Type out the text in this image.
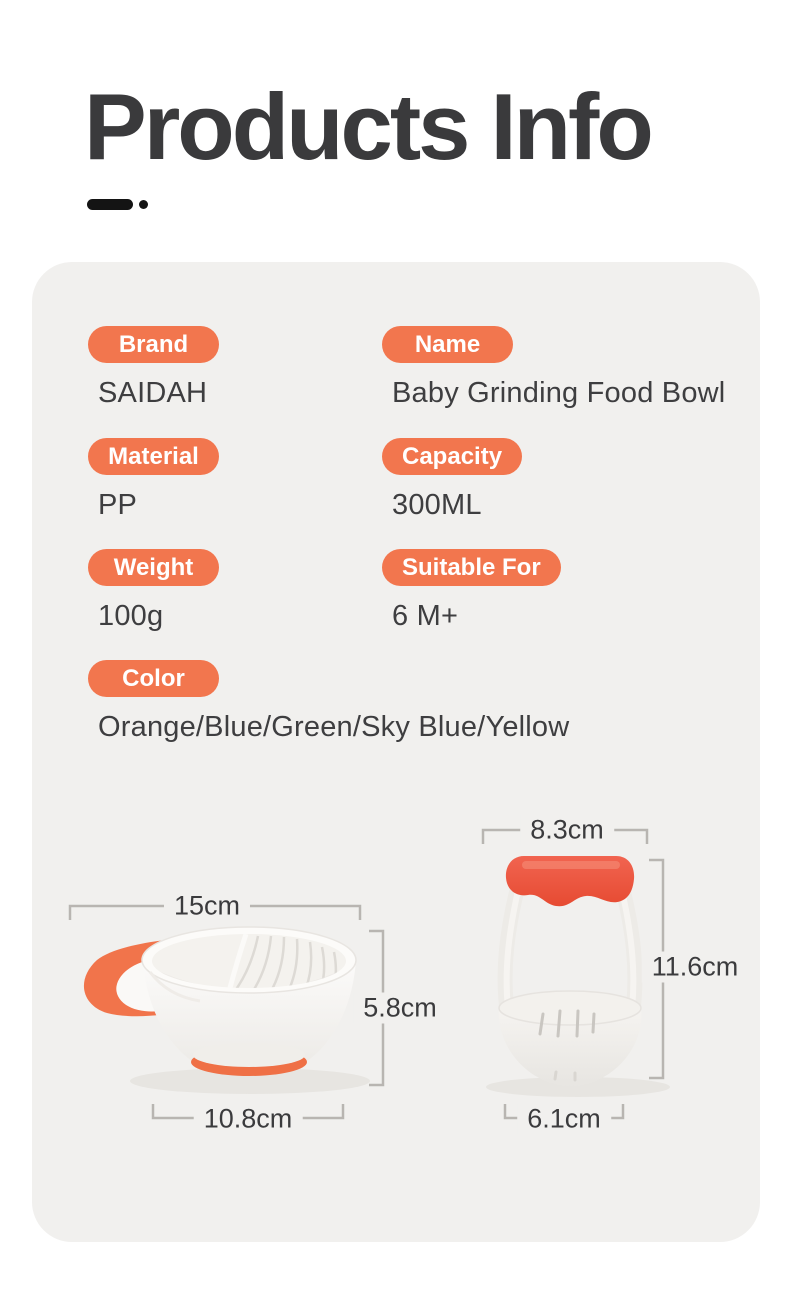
Products Info
Brand
SAIDAH
Name
Baby Grinding Food Bowl
Material
PP
Capacity
300ML
Weight
100g
Suitable For
6 M+
Color
Orange/Blue/Green/Sky Blue/Yellow
15cm
5.8cm
10.8cm
8.3cm
11.6cm
6.1cm
